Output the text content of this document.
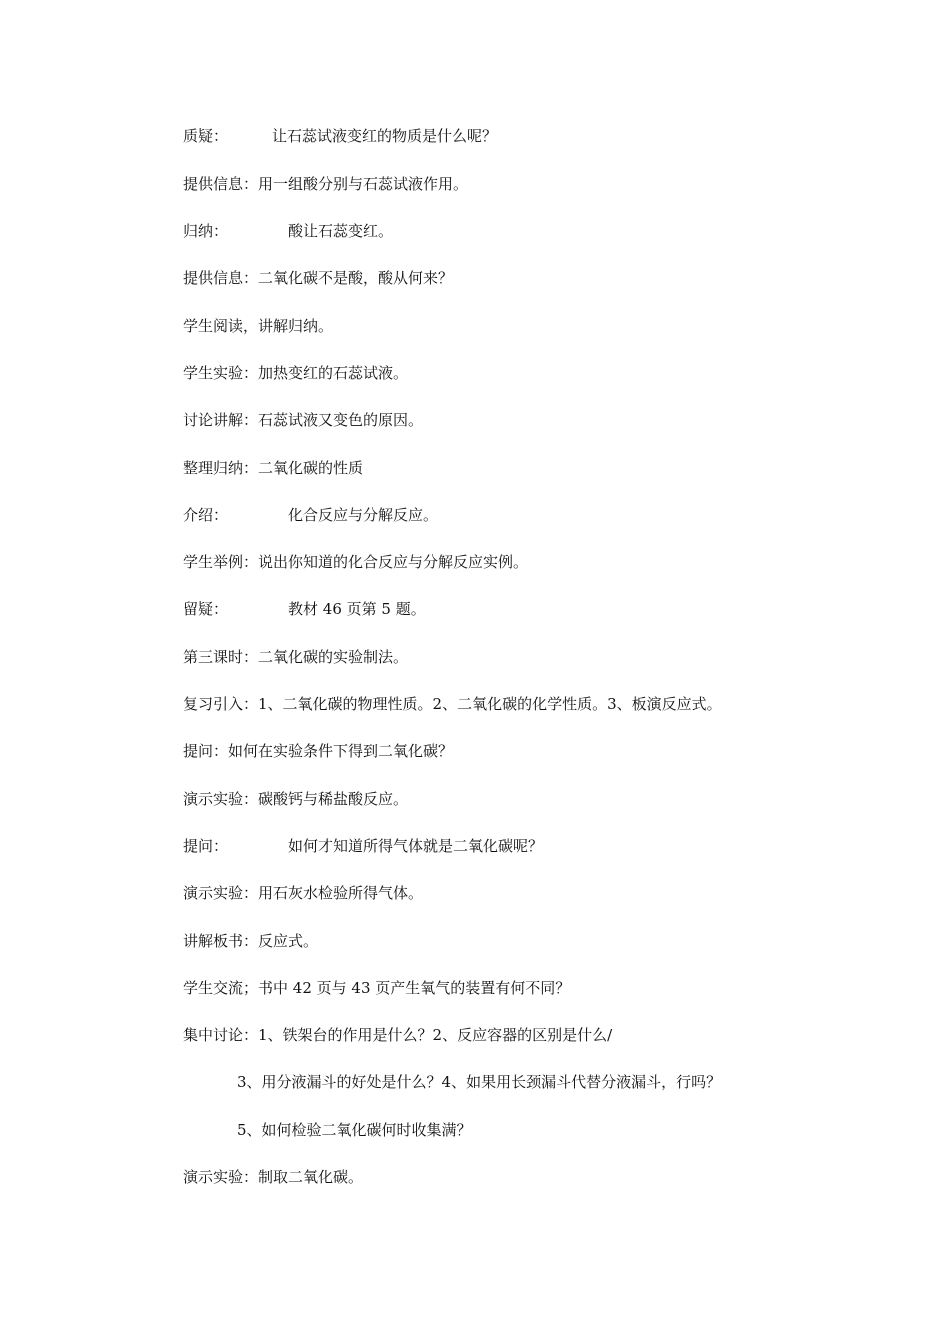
质疑：	让石蕊试液变红的物质是什么呢？
提供信息：用一组酸分别与石蕊试液作用。
归纳：	酸让石蕊变红。
提供信息：二氧化碳不是酸，酸从何来？
学生阅读，讲解归纳。
学生实验：加热变红的石蕊试液。
讨论讲解：石蕊试液又变色的原因。
整理归纳：二氧化碳的性质
介绍：	化合反应与分解反应。
学生举例：说出你知道的化合反应与分解反应实例。
留疑：	教材 46 页第 5 题。
第三课时：二氧化碳的实验制法。
复习引入：1、二氧化碳的物理性质。2、二氧化碳的化学性质。3、板演反应式。
提问：如何在实验条件下得到二氧化碳？
演示实验：碳酸钙与稀盐酸反应。
提问：	如何才知道所得气体就是二氧化碳呢？
演示实验：用石灰水检验所得气体。
讲解板书：反应式。
学生交流；书中 42 页与 43 页产生氧气的装置有何不同？
集中讨论：1、铁架台的作用是什么？2、反应容器的区别是什么/
3、用分液漏斗的好处是什么？4、如果用长颈漏斗代替分液漏斗，行吗？
5、如何检验二氧化碳何时收集满？
演示实验：制取二氧化碳。
